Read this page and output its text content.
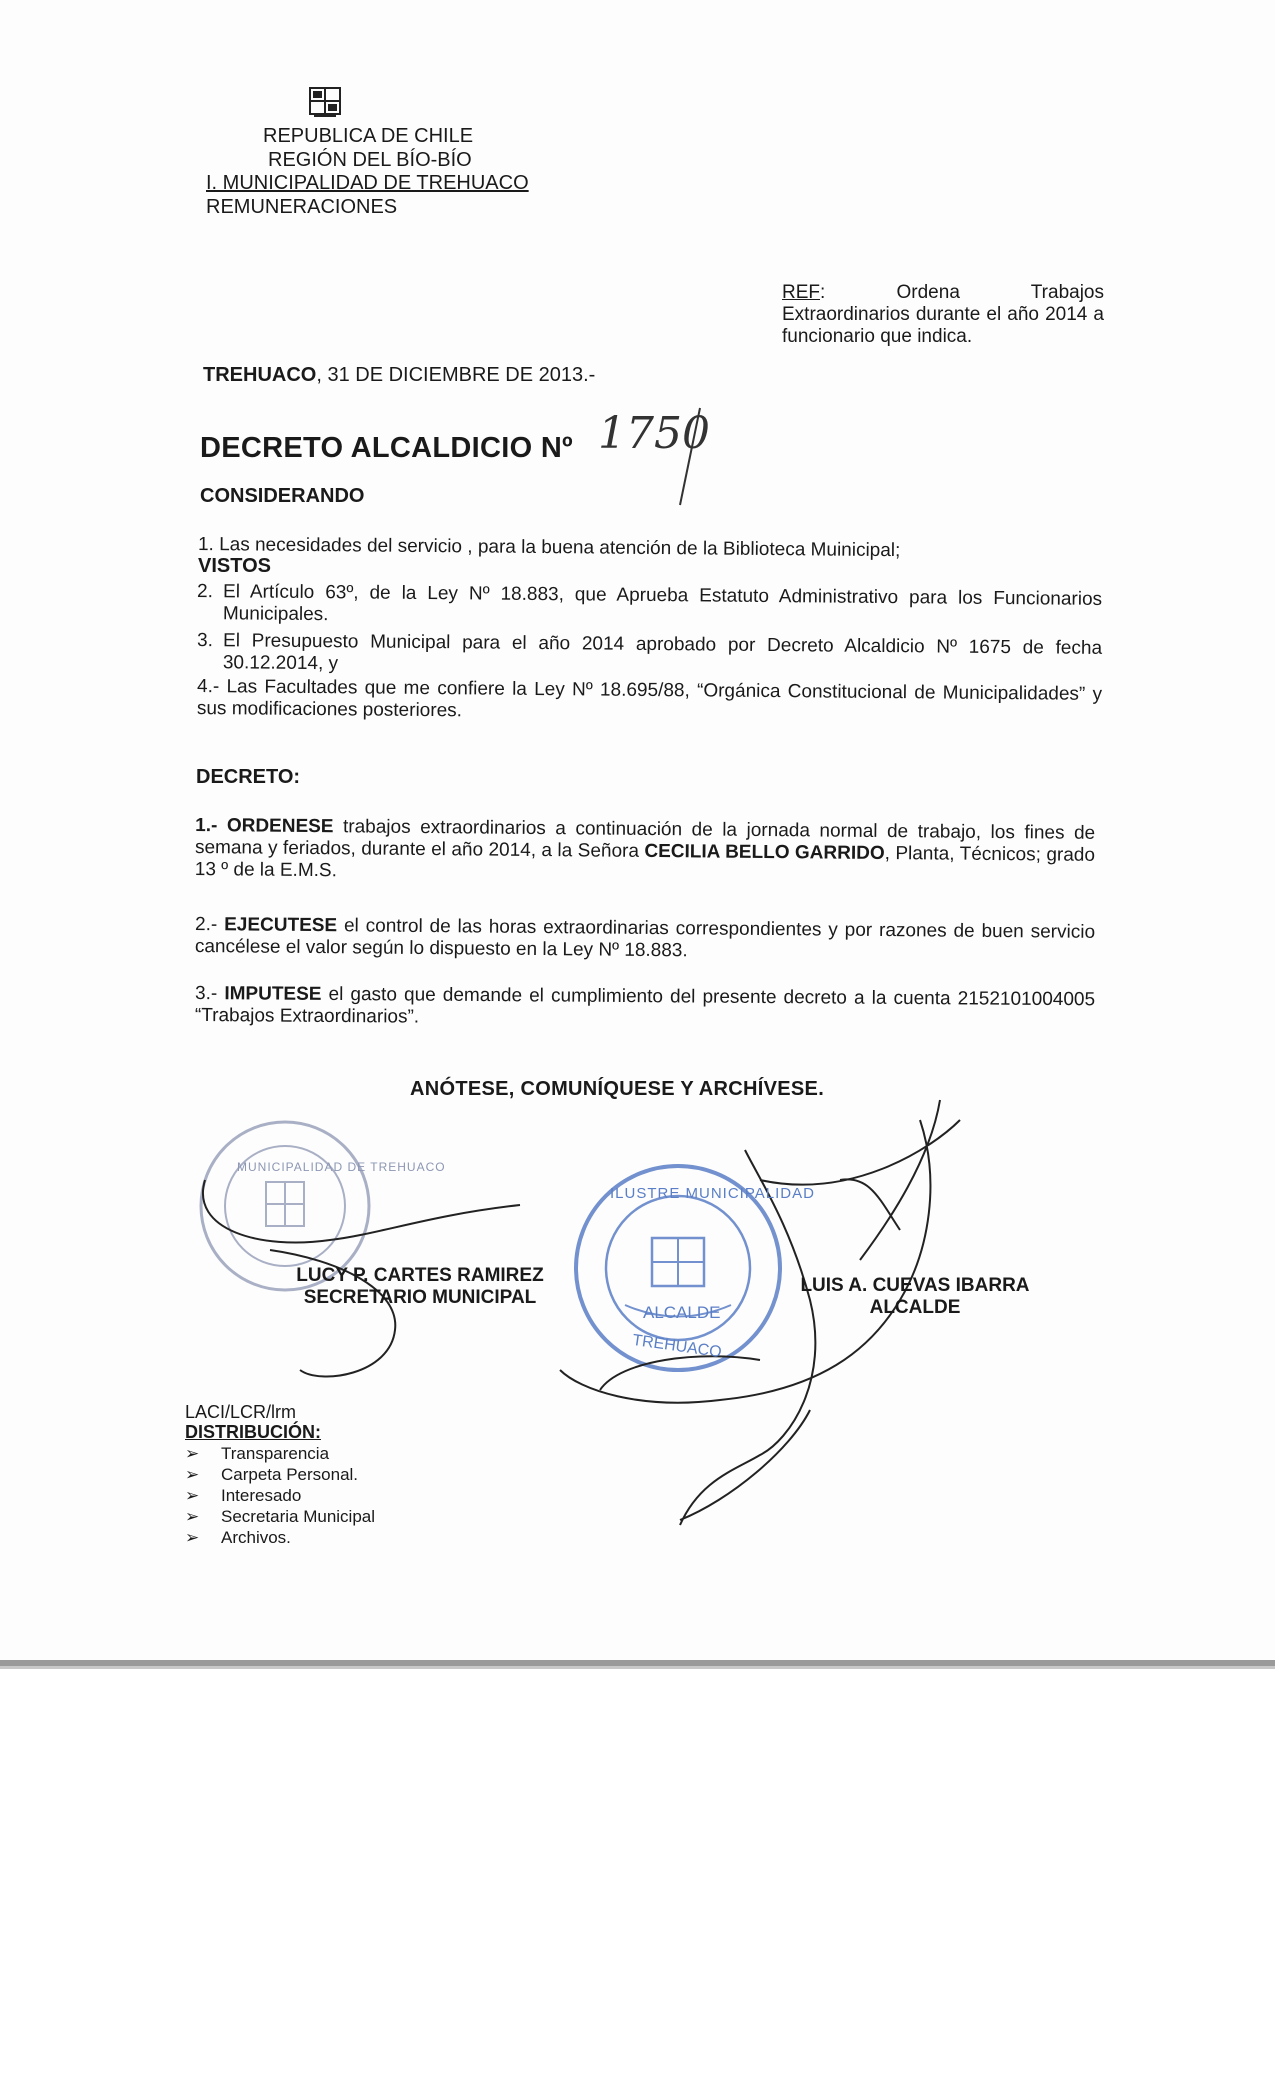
REPUBLICA DE CHILE
REGIÓN DEL BÍO-BÍO
I. MUNICIPALIDAD DE TREHUACO
REMUNERACIONES
REF: Ordena Trabajos Extraordinarios durante el año 2014 a funcionario que indica.
TREHUACO, 31 DE DICIEMBRE DE 2013.-
DECRETO ALCALDICIO Nº 1750
CONSIDERANDO
1. Las necesidades del servicio , para la buena atención de la Biblioteca Muinicipal;
VISTOS
2. El Artículo 63º, de la Ley Nº 18.883, que Aprueba Estatuto Administrativo para los Funcionarios Municipales.
3. El Presupuesto Municipal para el año 2014 aprobado por Decreto Alcaldicio Nº 1675 de fecha 30.12.2014, y
4.- Las Facultades que me confiere la Ley Nº 18.695/88, “Orgánica Constitucional de Municipalidades” y sus modificaciones posteriores.
DECRETO:
1.- ORDENESE trabajos extraordinarios a continuación de la jornada normal de trabajo, los fines de semana y feriados, durante el año 2014, a la Señora CECILIA BELLO GARRIDO, Planta, Técnicos; grado 13 º de la E.M.S.
2.- EJECUTESE el control de las horas extraordinarias correspondientes y por razones de buen servicio cancélese el valor según lo dispuesto en la Ley Nº 18.883.
3.- IMPUTESE el gasto que demande el cumplimiento del presente decreto a la cuenta 2152101004005 “Trabajos Extraordinarios”.
ANÓTESE, COMUNÍQUESE Y ARCHÍVESE.
MUNICIPALIDAD DE TREHUACO
ILUSTRE MUNICIPALIDAD
ALCALDE
TREHUACO
LUCY P. CARTES RAMIREZ
SECRETARIO MUNICIPAL
LUIS A. CUEVAS IBARRA
ALCALDE
LACI/LCR/lrm
DISTRIBUCIÓN:
➢ Transparencia
➢ Carpeta Personal.
➢ Interesado
➢ Secretaria Municipal
➢ Archivos.
